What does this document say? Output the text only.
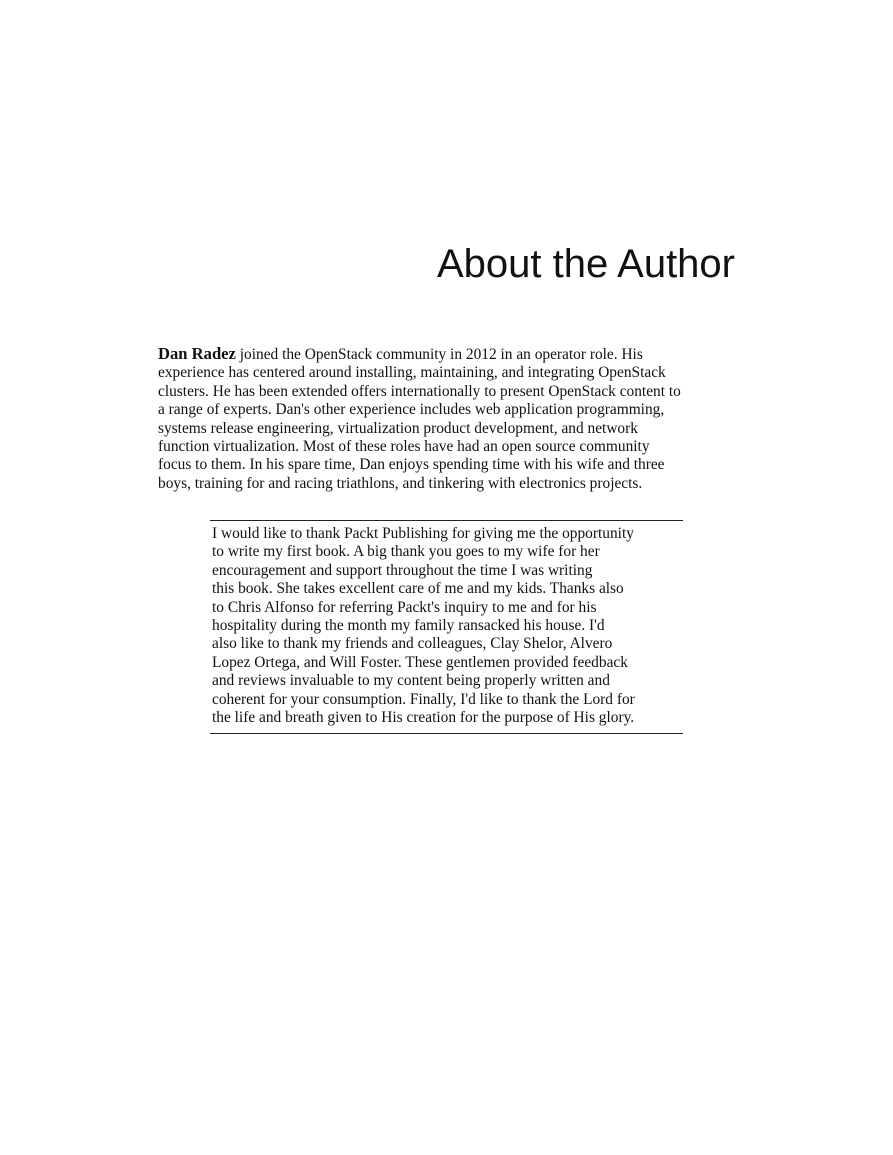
About the Author
Dan Radez joined the OpenStack community in 2012 in an operator role. His
experience has centered around installing, maintaining, and integrating OpenStack
clusters. He has been extended offers internationally to present OpenStack content to
a range of experts. Dan's other experience includes web application programming,
systems release engineering, virtualization product development, and network
function virtualization. Most of these roles have had an open source community
focus to them. In his spare time, Dan enjoys spending time with his wife and three
boys, training for and racing triathlons, and tinkering with electronics projects.
I would like to thank Packt Publishing for giving me the opportunity
to write my first book. A big thank you goes to my wife for her
encouragement and support throughout the time I was writing
this book. She takes excellent care of me and my kids. Thanks also
to Chris Alfonso for referring Packt's inquiry to me and for his
hospitality during the month my family ransacked his house. I'd
also like to thank my friends and colleagues, Clay Shelor, Alvero
Lopez Ortega, and Will Foster. These gentlemen provided feedback
and reviews invaluable to my content being properly written and
coherent for your consumption. Finally, I'd like to thank the Lord for
the life and breath given to His creation for the purpose of His glory.
